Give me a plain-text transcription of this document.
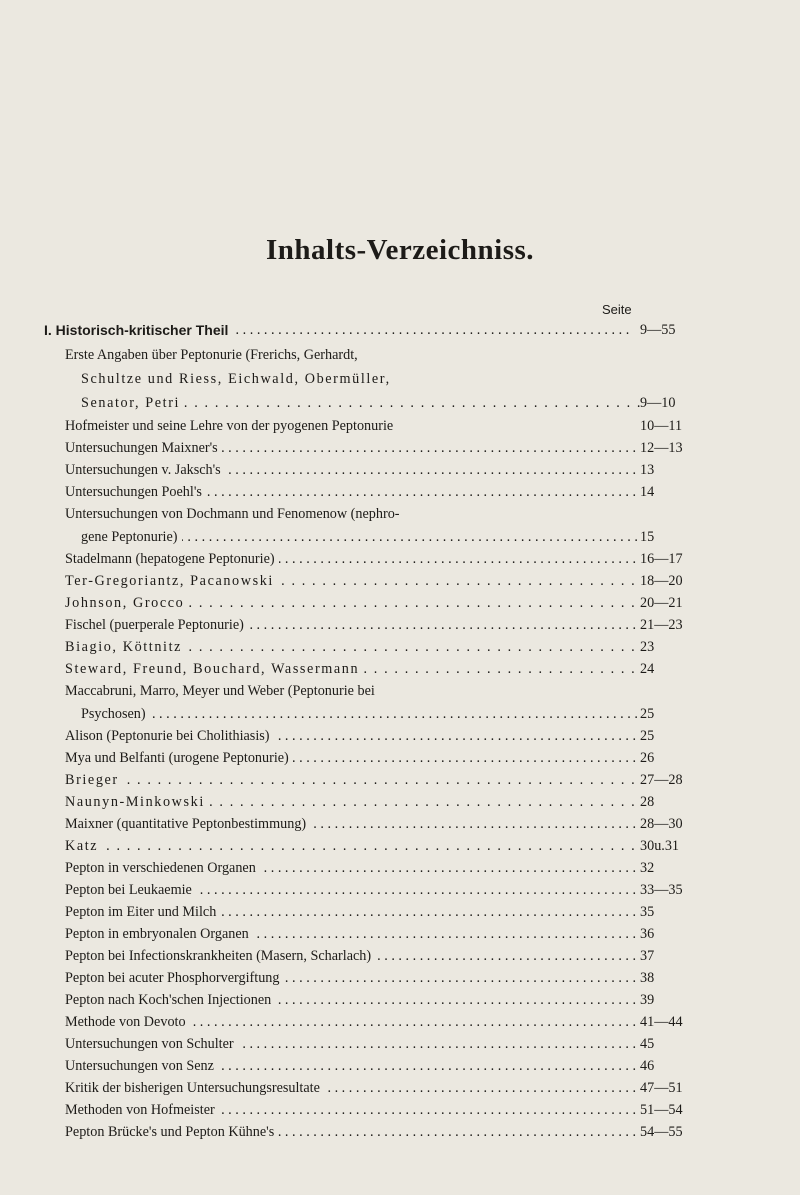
Inhalts-Verzeichniss.
Seite
I. Historisch-kritischer Theil . . .	9—55
Erste Angaben über Peptonurie (Frerichs, Gerhardt,
Schultze und Riess, Eichwald, Obermüller,
Senator, Petri . . .	9—10
Hofmeister und seine Lehre von der pyogenen Peptonurie	10—11
Untersuchungen Maixner's . . .	12—13
Untersuchungen v. Jaksch's . . .	13
Untersuchungen Poehl's . . .	14
Untersuchungen von Dochmann und Fenomenow (nephro-
gene Peptonurie) . . .	15
Stadelmann (hepatogene Peptonurie) . . .	16—17
Ter-Gregoriantz, Pacanowski . . .	18—20
Johnson, Grocco . . .	20—21
Fischel (puerperale Peptonurie) . . .	21—23
Biagio, Köttnitz . . .	23
Steward, Freund, Bouchard, Wassermann . . .	24
Maccabruni, Marro, Meyer und Weber (Peptonurie bei
Psychosen) . . .	25
Alison (Peptonurie bei Cholithiasis) . . .	25
Mya und Belfanti (urogene Peptonurie) . . .	26
Brieger . . .	27—28
Naunyn-Minkowski . . .	28
Maixner (quantitative Peptonbestimmung) . . .	28—30
Katz . . .	30u.31
Pepton in verschiedenen Organen . . .	32
Pepton bei Leukaemie . . .	33—35
Pepton im Eiter und Milch . . .	35
Pepton in embryonalen Organen . . .	36
Pepton bei Infectionskrankheiten (Masern, Scharlach) . . .	37
Pepton bei acuter Phosphorvergiftung . . .	38
Pepton nach Koch'schen Injectionen . . .	39
Methode von Devoto . . .	41—44
Untersuchungen von Schulter . . .	45
Untersuchungen von Senz . . .	46
Kritik der bisherigen Untersuchungsresultate . . .	47—51
Methoden von Hofmeister . . .	51—54
Pepton Brücke's und Pepton Kühne's . . .	54—55
